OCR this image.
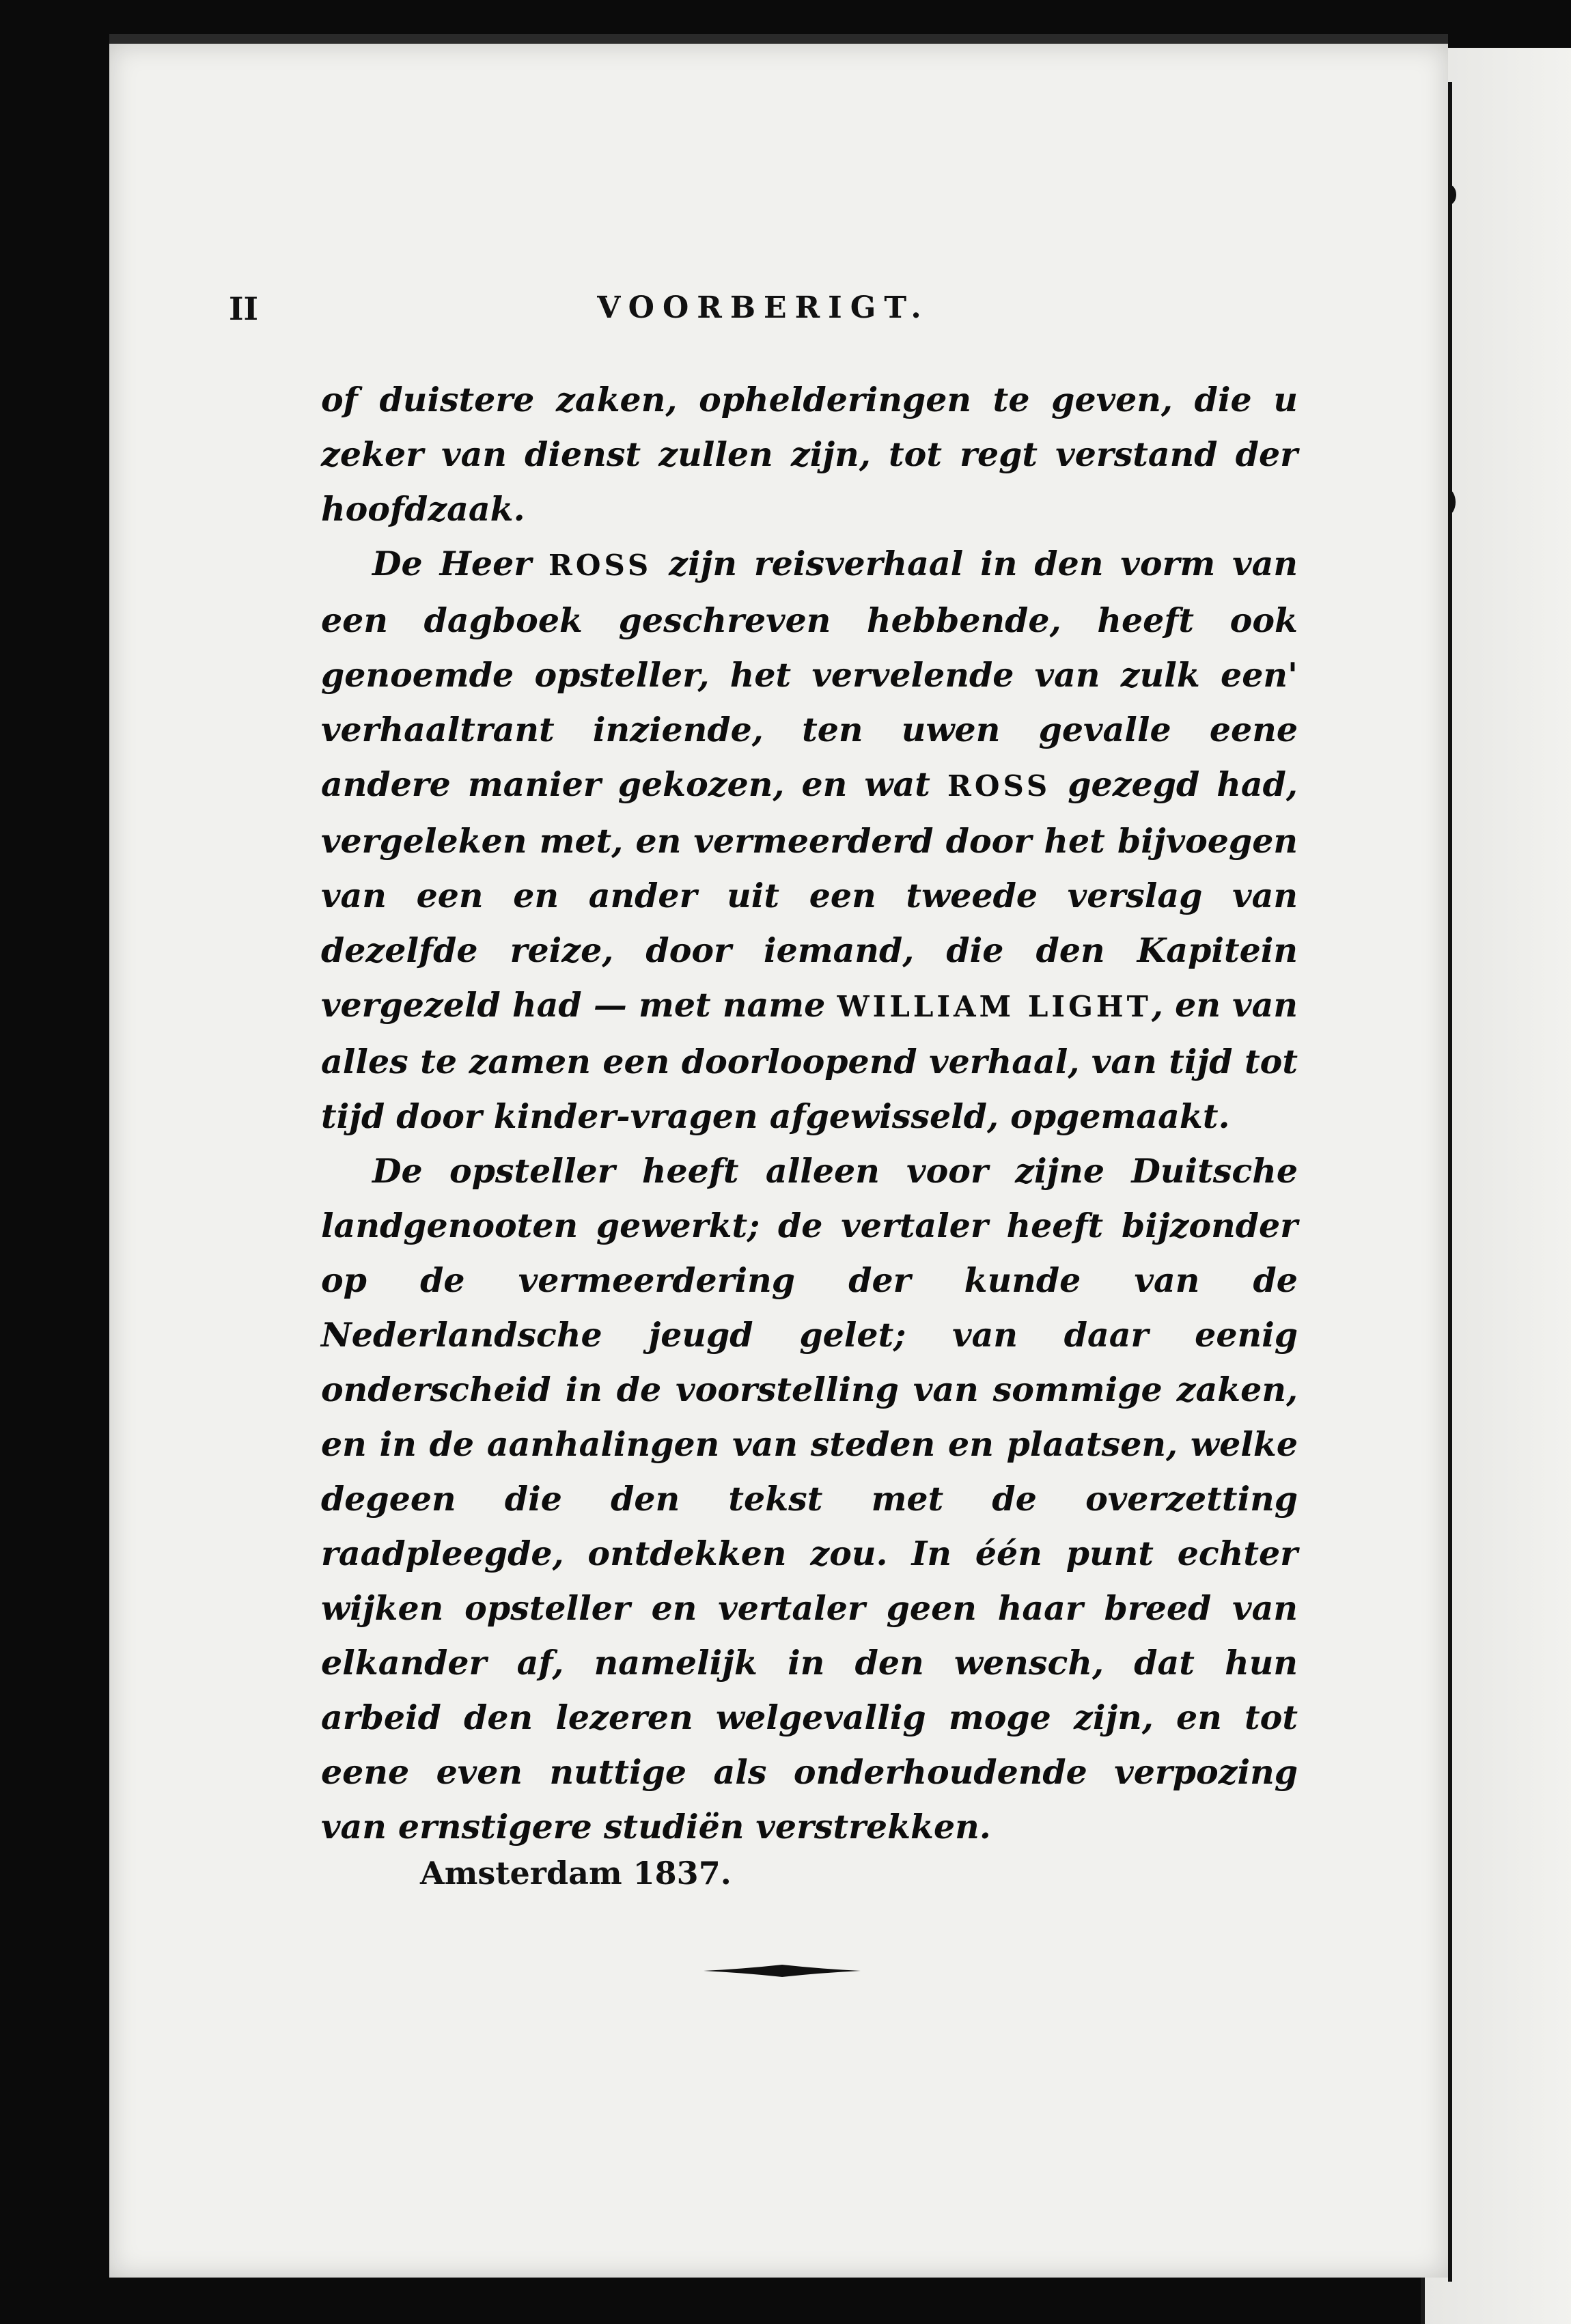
II	VOORBERIGT.

of duistere zaken, ophelderingen te geven, die u zeker van dienst zullen zijn, tot regt verstand der hoofdzaak.

De Heer ROSS zijn reisverhaal in den vorm van een dagboek geschreven hebbende, heeft ook genoemde opsteller, het vervelende van zulk een' verhaaltrant inziende, ten uwen gevalle eene andere manier gekozen, en wat ROSS gezegd had, vergeleken met, en vermeerderd door het bijvoegen van een en ander uit een tweede verslag van dezelfde reize, door iemand, die den Kapitein vergezeld had — met name WILLIAM LIGHT, en van alles te zamen een doorloopend verhaal, van tijd tot tijd door kinder-vragen afgewisseld, opgemaakt.

De opsteller heeft alleen voor zijne Duitsche landgenooten gewerkt; de vertaler heeft bijzonder op de vermeerdering der kunde van de Nederlandsche jeugd gelet; van daar eenig onderscheid in de voorstelling van sommige zaken, en in de aanhalingen van steden en plaatsen, welke degeen die den tekst met de overzetting raadpleegde, ontdekken zou. In één punt echter wijken opsteller en vertaler geen haar breed van elkander af, namelijk in den wensch, dat hun arbeid den lezeren welgevallig moge zijn, en tot eene even nuttige als onderhoudende verpozing van ernstigere studiën verstrekken.

Amsterdam 1837.
